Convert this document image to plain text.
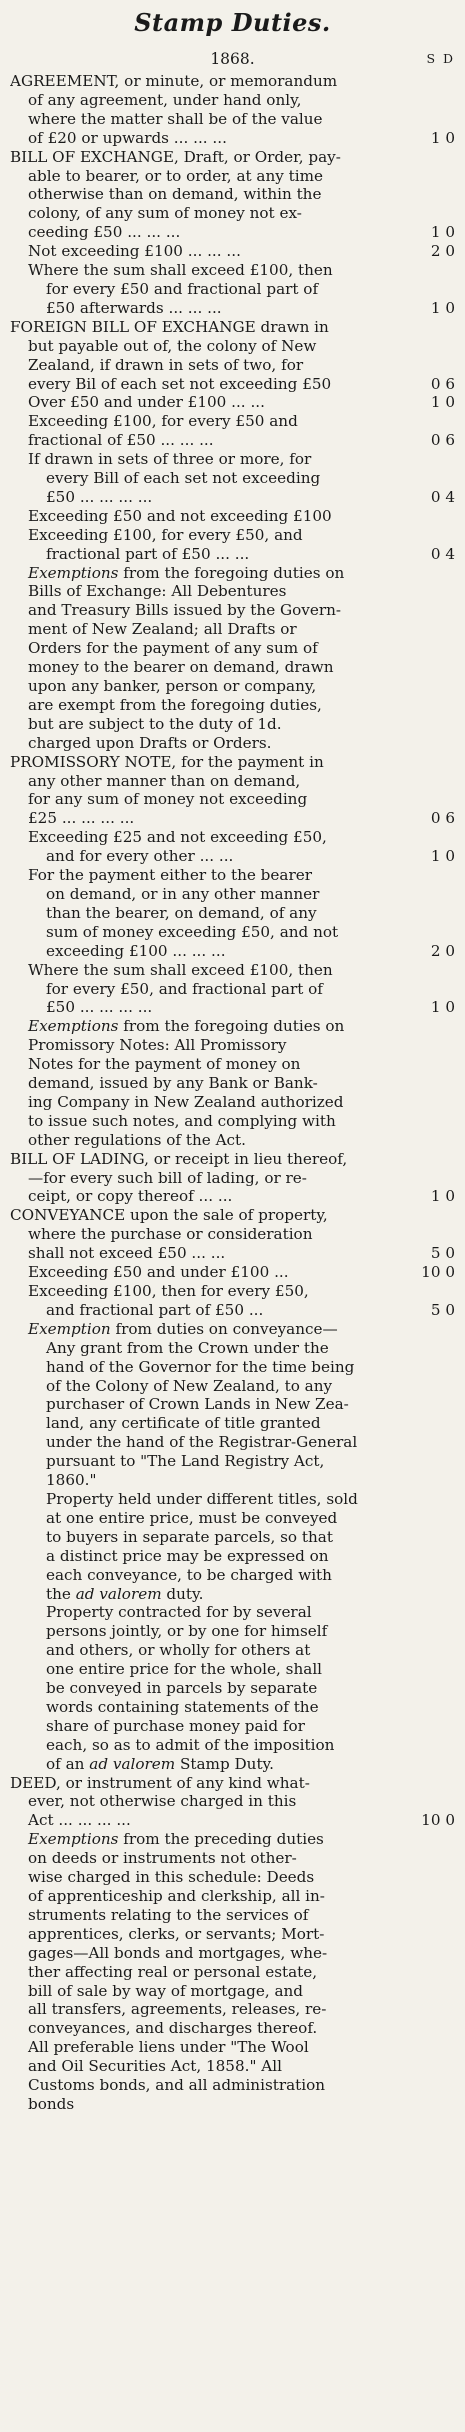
Stamp Duties.
1868.	S D
AGREEMENT, or minute, or memorandum
of any agreement, under hand only,
where the matter shall be of the value
of £20 or upwards ... ... ...	1 0
BILL OF EXCHANGE, Draft, or Order, pay-
able to bearer, or to order, at any time
otherwise than on demand, within the
colony, of any sum of money not ex-
ceeding £50 ... ... ...	1 0
Not exceeding £100 ... ... ...	2 0
Where the sum shall exceed £100, then
for every £50 and fractional part of
£50 afterwards ... ... ...	1 0
FOREIGN BILL OF EXCHANGE drawn in
but payable out of, the colony of New
Zealand, if drawn in sets of two, for
every Bil of each set not exceeding £50	0 6
Over £50 and under £100 ... ...	1 0
Exceeding £100, for every £50 and
fractional of £50 ... ... ...	0 6
If drawn in sets of three or more, for
every Bill of each set not exceeding
£50 ... ... ... ...	0 4
Exceeding £50 and not exceeding £100
Exceeding £100, for every £50, and
fractional part of £50 ... ...	0 4
Exemptions from the foregoing duties on
Bills of Exchange: All Debentures
and Treasury Bills issued by the Govern-
ment of New Zealand; all Drafts or
Orders for the payment of any sum of
money to the bearer on demand, drawn
upon any banker, person or company,
are exempt from the foregoing duties,
but are subject to the duty of 1d.
charged upon Drafts or Orders.
PROMISSORY NOTE, for the payment in
any other manner than on demand,
for any sum of money not exceeding
£25 ... ... ... ...	0 6
Exceeding £25 and not exceeding £50,
and for every other ... ...	1 0
For the payment either to the bearer
on demand, or in any other manner
than the bearer, on demand, of any
sum of money exceeding £50, and not
exceeding £100 ... ... ...	2 0
Where the sum shall exceed £100, then
for every £50, and fractional part of
£50 ... ... ... ...	1 0
Exemptions from the foregoing duties on
Promissory Notes: All Promissory
Notes for the payment of money on
demand, issued by any Bank or Bank-
ing Company in New Zealand authorized
to issue such notes, and complying with
other regulations of the Act.
BILL OF LADING, or receipt in lieu thereof,
—for every such bill of lading, or re-
ceipt, or copy thereof ... ...	1 0
CONVEYANCE upon the sale of property,
where the purchase or consideration
shall not exceed £50 ... ...	5 0
Exceeding £50 and under £100 ...	10 0
Exceeding £100, then for every £50,
and fractional part of £50 ...	5 0
Exemption from duties on conveyance—
Any grant from the Crown under the
hand of the Governor for the time being
of the Colony of New Zealand, to any
purchaser of Crown Lands in New Zea-
land, any certificate of title granted
under the hand of the Registrar-General
pursuant to "The Land Registry Act,
1860."
Property held under different titles, sold
at one entire price, must be conveyed
to buyers in separate parcels, so that
a distinct price may be expressed on
each conveyance, to be charged with
the ad valorem duty.
Property contracted for by several
persons jointly, or by one for himself
and others, or wholly for others at
one entire price for the whole, shall
be conveyed in parcels by separate
words containing statements of the
share of purchase money paid for
each, so as to admit of the imposition
of an ad valorem Stamp Duty.
DEED, or instrument of any kind what-
ever, not otherwise charged in this
Act ... ... ... ...	10 0
Exemptions from the preceding duties
on deeds or instruments not other-
wise charged in this schedule: Deeds
of apprenticeship and clerkship, all in-
struments relating to the services of
apprentices, clerks, or servants; Mort-
gages—All bonds and mortgages, whe-
ther affecting real or personal estate,
bill of sale by way of mortgage, and
all transfers, agreements, releases, re-
conveyances, and discharges thereof.
All preferable liens under "The Wool
and Oil Securities Act, 1858." All
Customs bonds, and all administration
bonds
